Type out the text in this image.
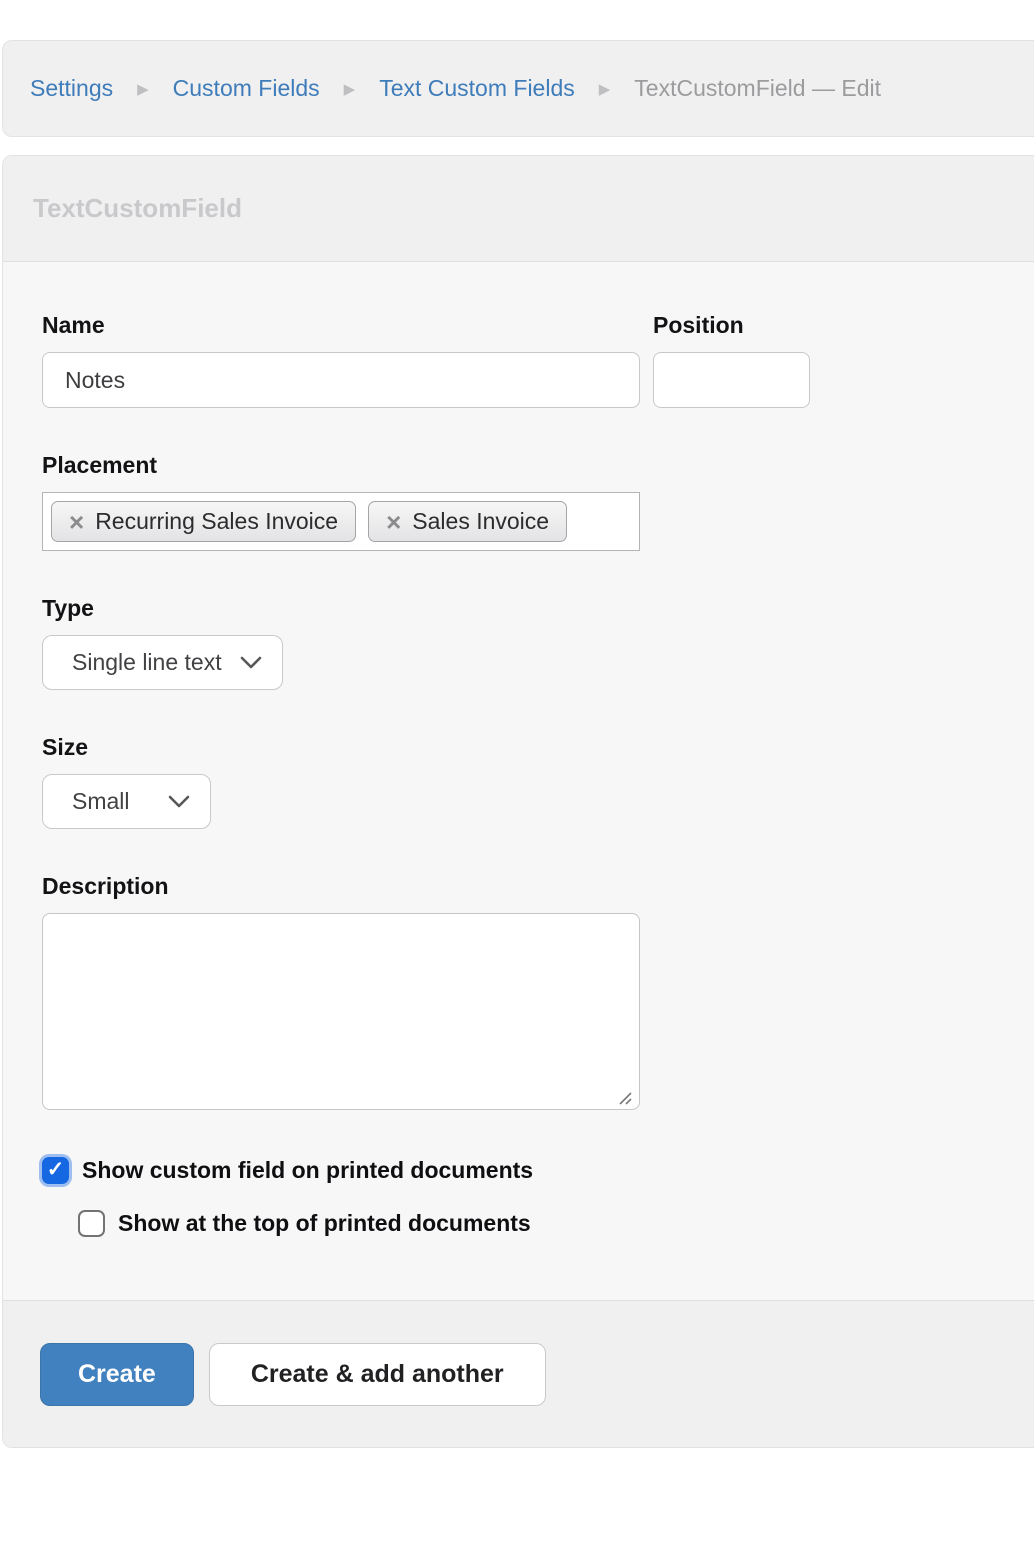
Settings ▶ Custom Fields ▶ Text Custom Fields ▶ TextCustomField — Edit
TextCustomField
Name
Notes	Position
Placement
× Recurring Sales Invoice × Sales Invoice
Type
Single line text
Size
Small
Description
✓ Show custom field on printed documents
Show at the top of printed documents
Create	Create & add another
